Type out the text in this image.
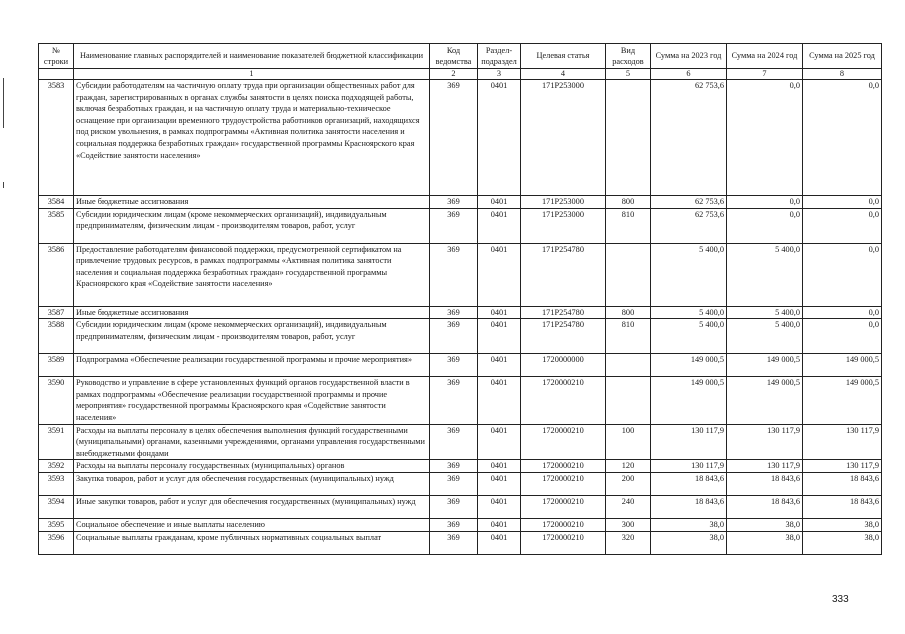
№ строки	Наименование главных распорядителей и наименование показателей бюджетной классификации	Код ведомства	Раздел-подраздел	Целевая статья	Вид расходов	Сумма на 2023 год	Сумма на 2024 год	Сумма на 2025 год
	1	2	3	4	5	6	7	8
3583	Субсидии работодателям на частичную оплату труда при организации общественных работ для граждан, зарегистрированных в органах службы занятости в целях поиска подходящей работы, включая безработных граждан, и на частичную оплату труда и материально-техническое оснащение при организации временного трудоустройства работников организаций, находящихся под риском увольнения, в рамках подпрограммы «Активная политика занятости населения и социальная поддержка безработных граждан» государственной программы Красноярского края «Содействие занятости населения»	369	0401	171P253000		62 753,6	0,0	0,0
3584	Иные бюджетные ассигнования	369	0401	171P253000	800	62 753,6	0,0	0,0
3585	Субсидии юридическим лицам (кроме некоммерческих организаций), индивидуальным предпринимателям, физическим лицам - производителям товаров, работ, услуг	369	0401	171P253000	810	62 753,6	0,0	0,0
3586	Предоставление работодателям финансовой поддержки, предусмотренной сертификатом на привлечение трудовых ресурсов, в рамках подпрограммы «Активная политика занятости населения и социальная поддержка безработных граждан» государственной программы Красноярского края «Содействие занятости населения»	369	0401	171P254780		5 400,0	5 400,0	0,0
3587	Иные бюджетные ассигнования	369	0401	171P254780	800	5 400,0	5 400,0	0,0
3588	Субсидии юридическим лицам (кроме некоммерческих организаций), индивидуальным предпринимателям, физическим лицам - производителям товаров, работ, услуг	369	0401	171P254780	810	5 400,0	5 400,0	0,0
3589	Подпрограмма «Обеспечение реализации государственной программы и прочие мероприятия»	369	0401	1720000000		149 000,5	149 000,5	149 000,5
3590	Руководство и управление в сфере установленных функций органов государственной власти в рамках подпрограммы «Обеспечение реализации государственной программы и прочие мероприятия» государственной программы Красноярского края «Содействие занятости населения»	369	0401	1720000210		149 000,5	149 000,5	149 000,5
3591	Расходы на выплаты персоналу в целях обеспечения выполнения функций государственными (муниципальными) органами, казенными учреждениями, органами управления государственными внебюджетными фондами	369	0401	1720000210	100	130 117,9	130 117,9	130 117,9
3592	Расходы на выплаты персоналу государственных (муниципальных) органов	369	0401	1720000210	120	130 117,9	130 117,9	130 117,9
3593	Закупка товаров, работ и услуг для обеспечения государственных (муниципальных) нужд	369	0401	1720000210	200	18 843,6	18 843,6	18 843,6
3594	Иные закупки товаров, работ и услуг для обеспечения государственных (муниципальных) нужд	369	0401	1720000210	240	18 843,6	18 843,6	18 843,6
3595	Социальное обеспечение и иные выплаты населению	369	0401	1720000210	300	38,0	38,0	38,0
3596	Социальные выплаты гражданам, кроме публичных нормативных социальных выплат	369	0401	1720000210	320	38,0	38,0	38,0
333
